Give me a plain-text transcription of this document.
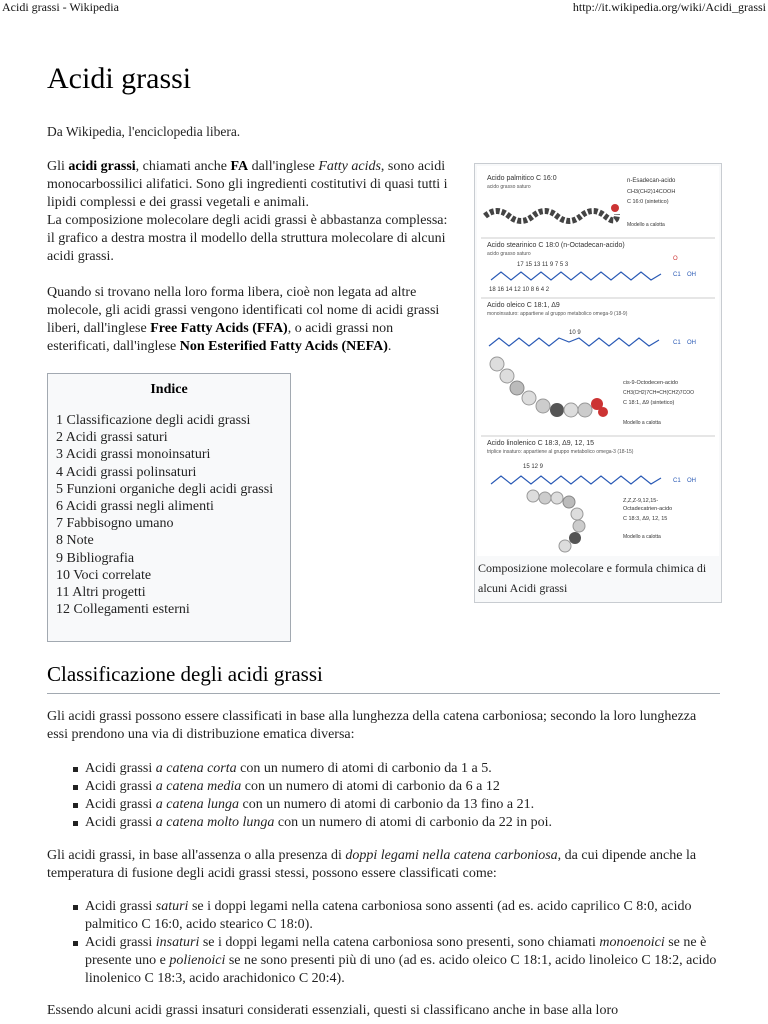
Acidi grassi - Wikipedia	http://it.wikipedia.org/wiki/Acidi_grassi
Acidi grassi
Da Wikipedia, l'enciclopedia libera.

Gli acidi grassi, chiamati anche FA dall'inglese Fatty acids, sono acidi monocarbossilici alifatici. Sono gli ingredienti costitutivi di quasi tutti i lipidi complessi e dei grassi vegetali e animali.
La composizione molecolare degli acidi grassi è abbastanza complessa: il grafico a destra mostra il modello della struttura molecolare di alcuni acidi grassi.

Quando si trovano nella loro forma libera, cioè non legata ad altre molecole, gli acidi grassi vengono identificati col nome di acidi grassi liberi, dall'inglese Free Fatty Acids (FFA), o acidi grassi non esterificati, dall'inglese Non Esterified Fatty Acids (NEFA).

Acido palmitico C 16:0
acido grasso saturo
n-Esadecan-acido
CH3(CH2)14COOH
C 16:0 (sintetico)
Modello a calotta
Acido stearinico C 18:0 (n-Octadecan-acido)
acido grasso saturo
17 15 13 11 9 7 5 3
C1 OH
O
18 16 14 12 10 8 6 4 2
Acido oleico C 18:1, Δ9
monoinsaturo: appartiene al gruppo metabolico omega-9 (18-9)
10 9
C1 OH
cis-9-Octodecen-acido
CH3(CH2)7CH=CH(CH2)7COO
C 18:1, Δ9 (sintetico)
Modello a calotta
Acido linolenico C 18:3, Δ9, 12, 15
triplice insaturo: appartiene al gruppo metabolico omega-3 (18-15)
15 12 9
C1 OH
Z,Z,Z-9,12,15-
Octadecatrien-acido
C 18:3, Δ9, 12, 15
Modello a calotta
Composizione molecolare e formula chimica di alcuni Acidi grassi
Indice
1 Classificazione degli acidi grassi
2 Acidi grassi saturi
3 Acidi grassi monoinsaturi
4 Acidi grassi polinsaturi
5 Funzioni organiche degli acidi grassi
6 Acidi grassi negli alimenti
7 Fabbisogno umano
8 Note
9 Bibliografia
10 Voci correlate
11 Altri progetti
12 Collegamenti esterni
Classificazione degli acidi grassi

Gli acidi grassi possono essere classificati in base alla lunghezza della catena carboniosa; secondo la loro lunghezza essi prendono una via di distribuzione ematica diversa:

Acidi grassi a catena corta con un numero di atomi di carbonio da 1 a 5.
Acidi grassi a catena media con un numero di atomi di carbonio da 6 a 12
Acidi grassi a catena lunga con un numero di atomi di carbonio da 13 fino a 21.
Acidi grassi a catena molto lunga con un numero di atomi di carbonio da 22 in poi.

Gli acidi grassi, in base all'assenza o alla presenza di doppi legami nella catena carboniosa, da cui dipende anche la temperatura di fusione degli acidi grassi stessi, possono essere classificati come:

Acidi grassi saturi se i doppi legami nella catena carboniosa sono assenti (ad es. acido caprilico C 8:0, acido palmitico C 16:0, acido stearico C 18:0).
Acidi grassi insaturi se i doppi legami nella catena carboniosa sono presenti, sono chiamati monoenoici se ne è presente uno e polienoici se ne sono presenti più di uno (ad es. acido oleico C 18:1, acido linoleico C 18:2, acido linolenico C 18:3, acido arachidonico C 20:4).

Essendo alcuni acidi grassi insaturi considerati essenziali, questi si classificano anche in base alla loro
